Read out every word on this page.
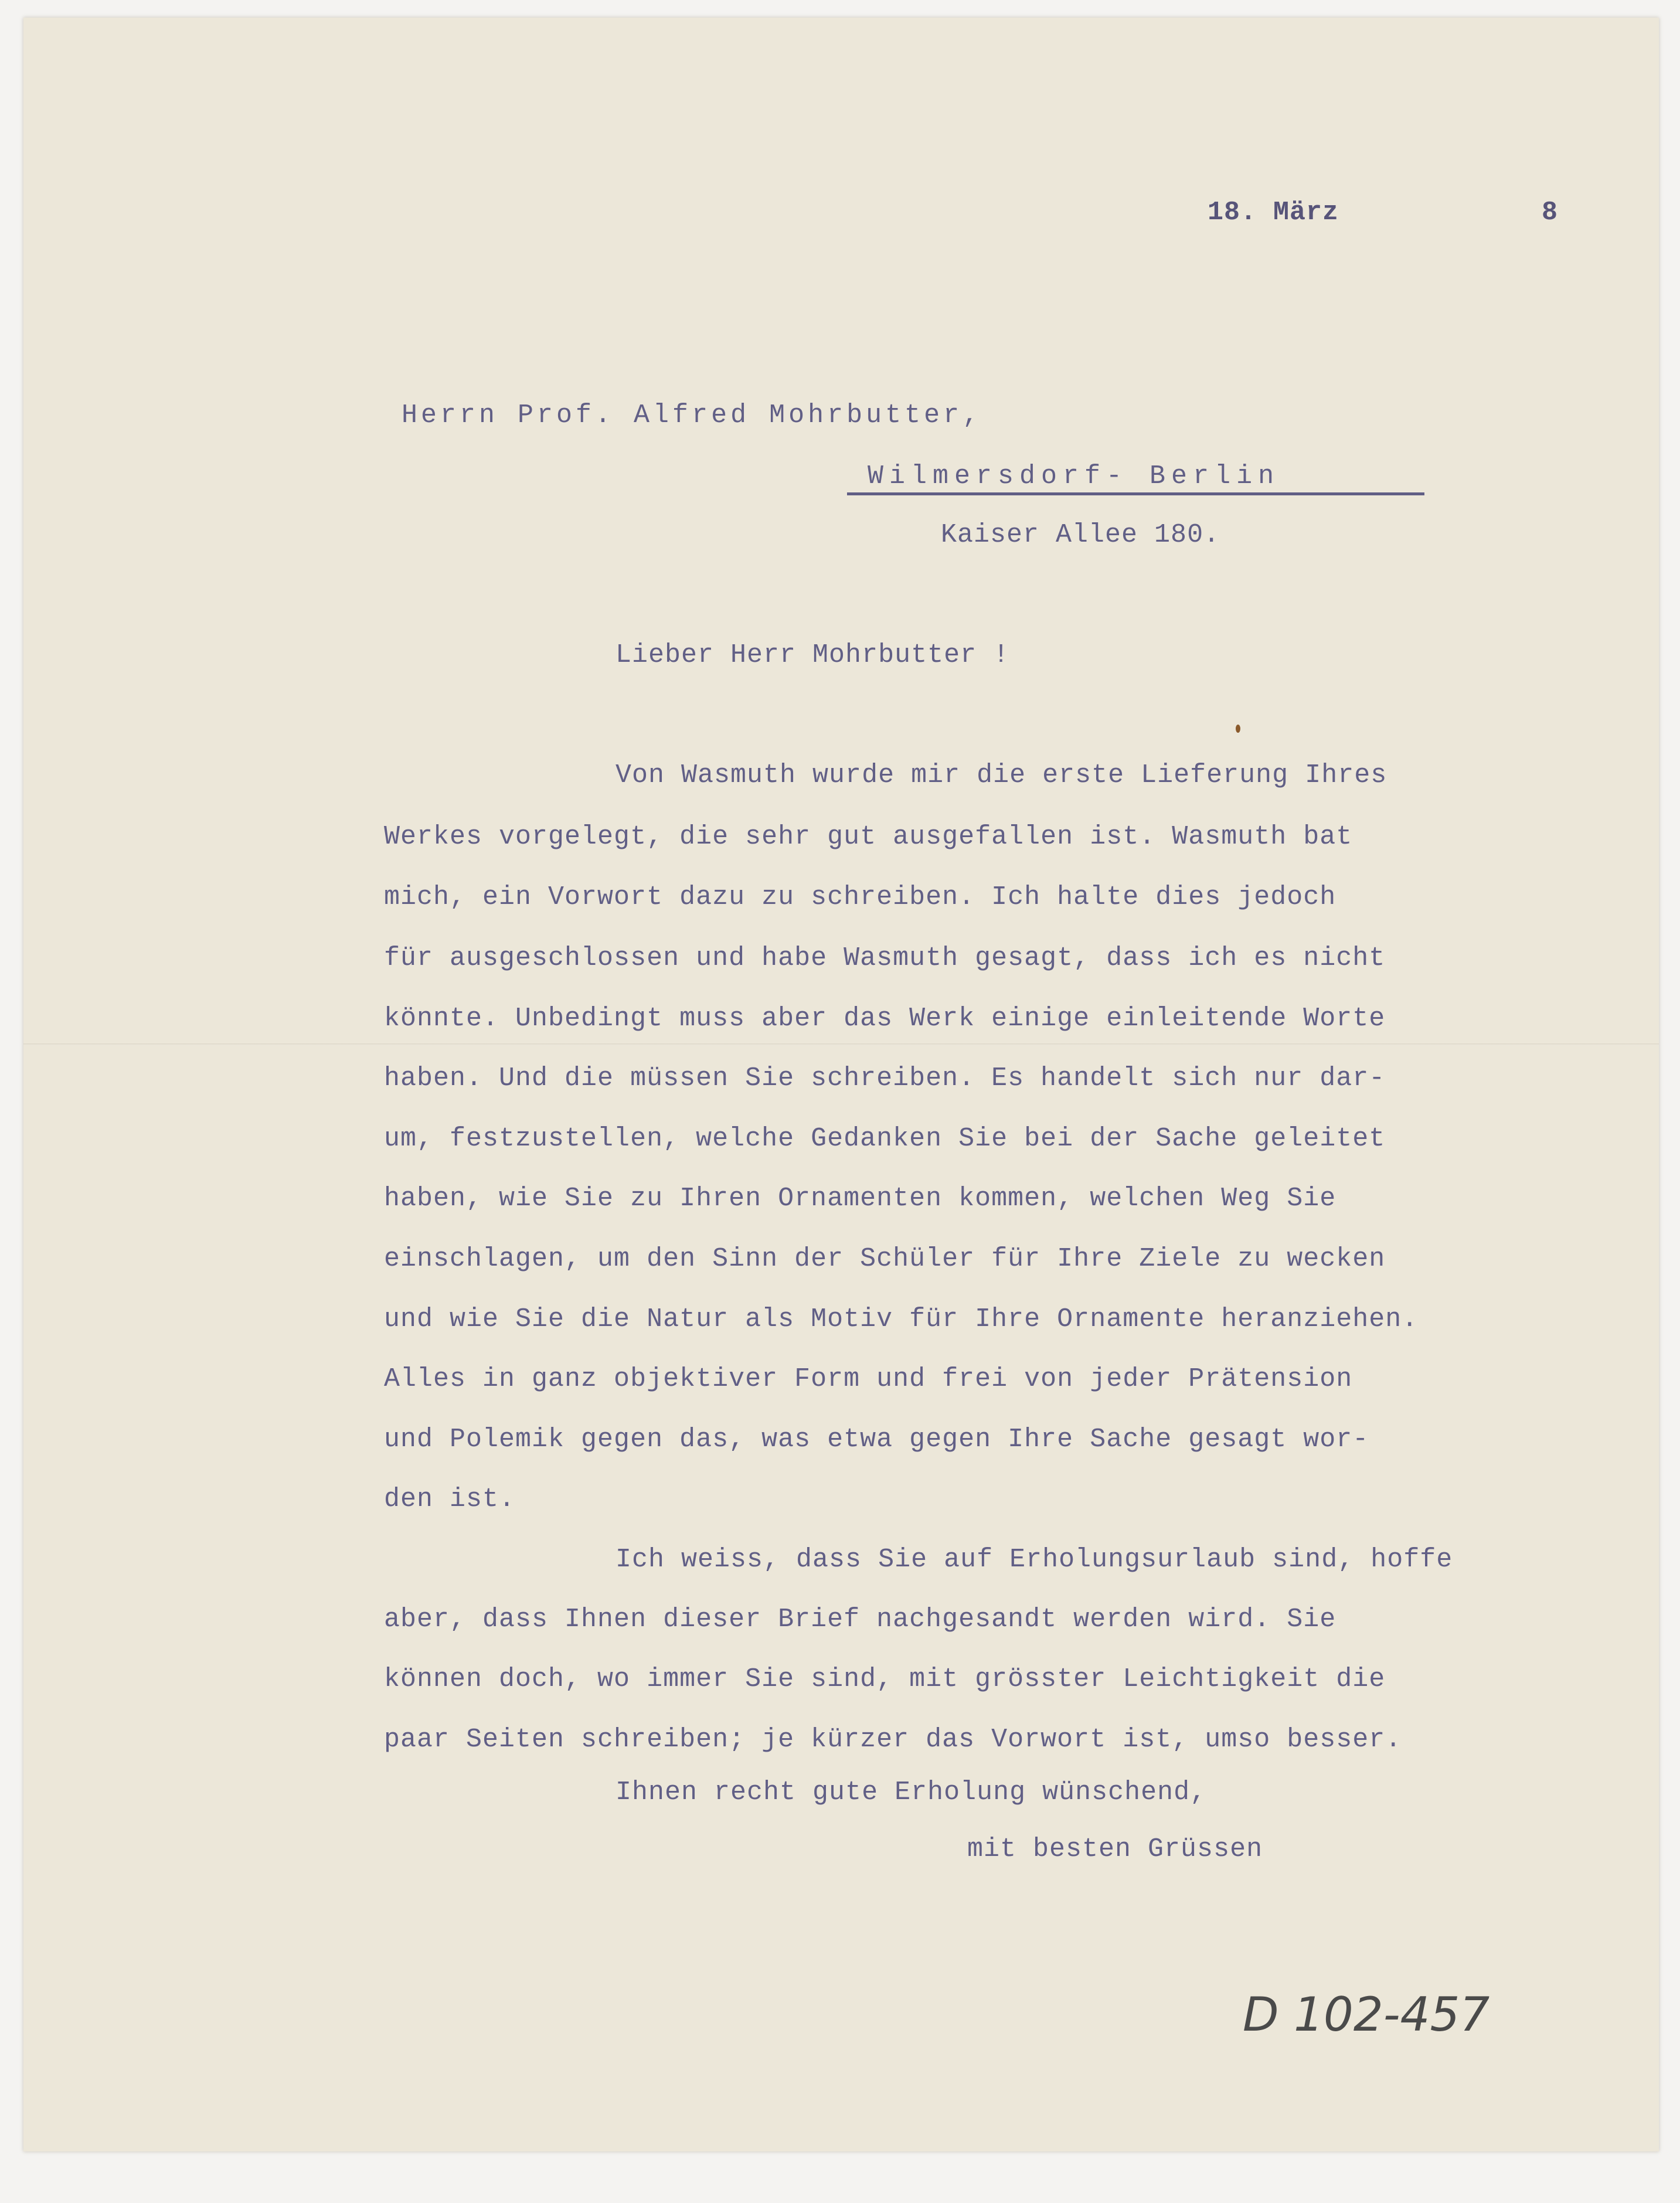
18. März	8
Herrn Prof. Alfred Mohrbutter,
Wilmersdorf- Berlin
Kaiser Allee 180.
Lieber Herr Mohrbutter !
Von Wasmuth wurde mir die erste Lieferung Ihres
Werkes vorgelegt, die sehr gut ausgefallen ist. Wasmuth bat
mich, ein Vorwort dazu zu schreiben. Ich halte dies jedoch
für ausgeschlossen und habe Wasmuth gesagt, dass ich es nicht
könnte. Unbedingt muss aber das Werk einige einleitende Worte
haben. Und die müssen Sie schreiben. Es handelt sich nur dar-
um, festzustellen, welche Gedanken Sie bei der Sache geleitet
haben, wie Sie zu Ihren Ornamenten kommen, welchen Weg Sie
einschlagen, um den Sinn der Schüler für Ihre Ziele zu wecken
und wie Sie die Natur als Motiv für Ihre Ornamente heranziehen.
Alles in ganz objektiver Form und frei von jeder Prätension
und Polemik gegen das, was etwa gegen Ihre Sache gesagt wor-
den ist.
Ich weiss, dass Sie auf Erholungsurlaub sind, hoffe
aber, dass Ihnen dieser Brief nachgesandt werden wird. Sie
können doch, wo immer Sie sind, mit grösster Leichtigkeit die
paar Seiten schreiben; je kürzer das Vorwort ist, umso besser.
Ihnen recht gute Erholung wünschend,
mit besten Grüssen
D 102-457
